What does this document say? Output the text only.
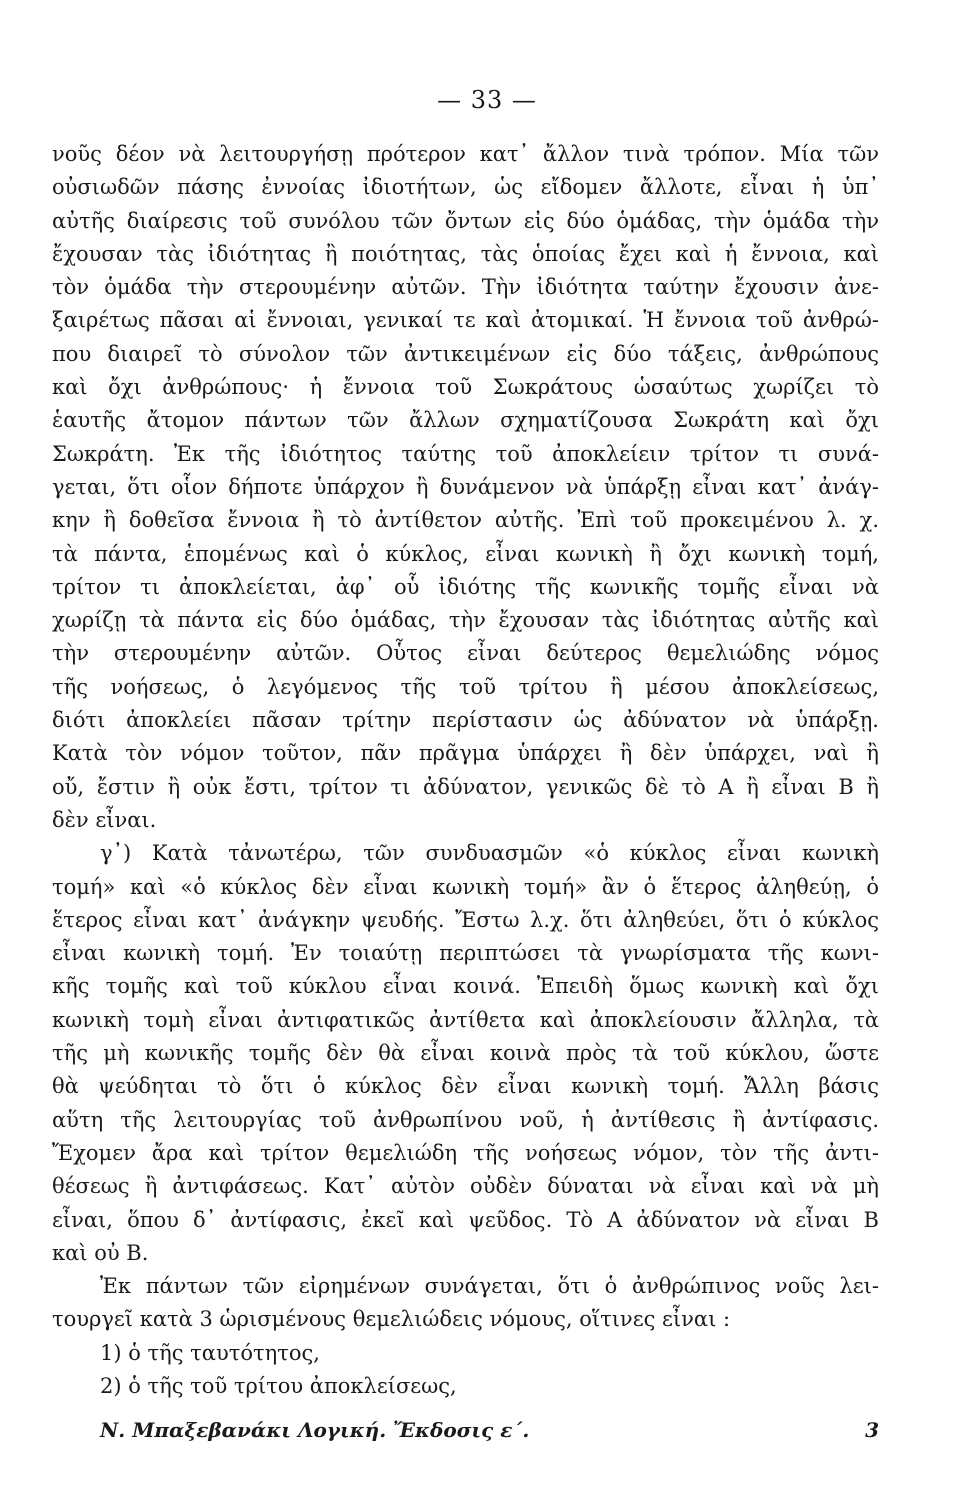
— 33 —
νοῦς δέον νὰ λειτουργήσῃ πρότερον κατ᾽ ἄλλον τινὰ τρόπον. Μία τῶν
οὐσιωδῶν πάσης ἐννοίας ἰδιοτήτων, ὡς εἴδομεν ἄλλοτε, εἶναι ἡ ὑπ᾽
αὐτῆς διαίρεσις τοῦ συνόλου τῶν ὄντων εἰς δύο ὁμάδας, τὴν ὁμάδα τὴν
ἔχουσαν τὰς ἰδιότητας ἢ ποιότητας, τὰς ὁποίας ἔχει καὶ ἡ ἔννοια, καὶ
τὸν ὁμάδα τὴν στερουμένην αὐτῶν. Τὴν ἰδιότητα ταύτην ἔχουσιν ἀνε-
ξαιρέτως πᾶσαι αἱ ἔννοιαι, γενικαί τε καὶ ἀτομικαί. Ἡ ἔννοια τοῦ ἀνθρώ-
που διαιρεῖ τὸ σύνολον τῶν ἀντικειμένων εἰς δύο τάξεις, ἀνθρώπους
καὶ ὄχι ἀνθρώπους· ἡ ἔννοια τοῦ Σωκράτους ὡσαύτως χωρίζει τὸ
ἑαυτῆς ἄτομον πάντων τῶν ἄλλων σχηματίζουσα Σωκράτη καὶ ὄχι
Σωκράτη. Ἐκ τῆς ἰδιότητος ταύτης τοῦ ἀποκλείειν τρίτον τι συνά-
γεται, ὅτι οἷον δήποτε ὑπάρχον ἢ δυνάμενον νὰ ὑπάρξῃ εἶναι κατ᾽ ἀνάγ-
κην ἢ δοθεῖσα ἔννοια ἢ τὸ ἀντίθετον αὐτῆς. Ἐπὶ τοῦ προκειμένου λ. χ.
τὰ πάντα, ἑπομένως καὶ ὁ κύκλος, εἶναι κωνικὴ ἢ ὄχι κωνικὴ τομή,
τρίτον τι ἀποκλείεται, ἀφ᾽ οὗ ἰδιότης τῆς κωνικῆς τομῆς εἶναι νὰ
χωρίζῃ τὰ πάντα εἰς δύο ὁμάδας, τὴν ἔχουσαν τὰς ἰδιότητας αὐτῆς καὶ
τὴν στερουμένην αὐτῶν. Οὗτος εἶναι δεύτερος θεμελιώδης νόμος
τῆς νοήσεως, ὁ λεγόμενος τῆς τοῦ τρίτου ἢ μέσου ἀποκλείσεως,
διότι ἀποκλείει πᾶσαν τρίτην περίστασιν ὡς ἀδύνατον νὰ ὑπάρξῃ.
Κατὰ τὸν νόμον τοῦτον, πᾶν πρᾶγμα ὑπάρχει ἢ δὲν ὑπάρχει, ναὶ ἢ
οὔ, ἔστιν ἢ οὐκ ἔστι, τρίτον τι ἀδύνατον, γενικῶς δὲ τὸ Α ἢ εἶναι Β ἢ
δὲν εἶναι.
γ᾽) Κατὰ τἀνωτέρω, τῶν συνδυασμῶν «ὁ κύκλος εἶναι κωνικὴ
τομή» καὶ «ὁ κύκλος δὲν εἶναι κωνικὴ τομή» ἂν ὁ ἕτερος ἀληθεύῃ, ὁ
ἕτερος εἶναι κατ᾽ ἀνάγκην ψευδής. Ἔστω λ.χ. ὅτι ἀληθεύει, ὅτι ὁ κύκλος
εἶναι κωνικὴ τομή. Ἐν τοιαύτῃ περιπτώσει τὰ γνωρίσματα τῆς κωνι-
κῆς τομῆς καὶ τοῦ κύκλου εἶναι κοινά. Ἐπειδὴ ὅμως κωνικὴ καὶ ὄχι
κωνικὴ τομὴ εἶναι ἀντιφατικῶς ἀντίθετα καὶ ἀποκλείουσιν ἄλληλα, τὰ
τῆς μὴ κωνικῆς τομῆς δὲν θὰ εἶναι κοινὰ πρὸς τὰ τοῦ κύκλου, ὥστε
θὰ ψεύδηται τὸ ὅτι ὁ κύκλος δὲν εἶναι κωνικὴ τομή. Ἄλλη βάσις
αὕτη τῆς λειτουργίας τοῦ ἀνθρωπίνου νοῦ, ἡ ἀντίθεσις ἢ ἀντίφασις.
Ἔχομεν ἄρα καὶ τρίτον θεμελιώδη τῆς νοήσεως νόμον, τὸν τῆς ἀντι-
θέσεως ἢ ἀντιφάσεως. Κατ᾽ αὐτὸν οὐδὲν δύναται νὰ εἶναι καὶ νὰ μὴ
εἶναι, ὅπου δ᾽ ἀντίφασις, ἐκεῖ καὶ ψεῦδος. Τὸ Α ἀδύνατον νὰ εἶναι Β
καὶ οὐ Β.
Ἐκ πάντων τῶν εἰρημένων συνάγεται, ὅτι ὁ ἀνθρώπινος νοῦς λει-
τουργεῖ κατὰ 3 ὡρισμένους θεμελιώδεις νόμους, οἵτινες εἶναι :
1) ὁ τῆς ταυτότητος,
2) ὁ τῆς τοῦ τρίτου ἀποκλείσεως,
Ν. Μπαξεβανάκι Λογική. Ἔκδοσις ε΄.	3
